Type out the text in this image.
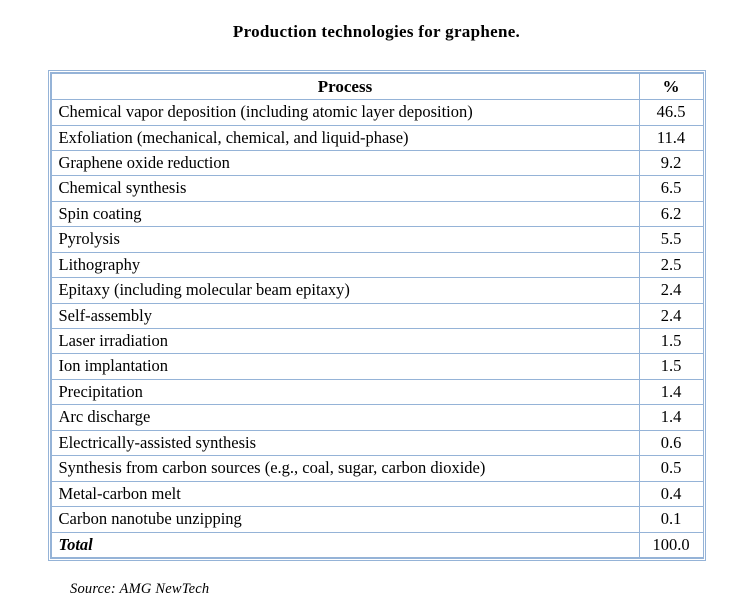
Production technologies for graphene.
Process	%
Chemical vapor deposition (including atomic layer deposition)	46.5
Exfoliation (mechanical, chemical, and liquid-phase)	11.4
Graphene oxide reduction	9.2
Chemical synthesis	6.5
Spin coating	6.2
Pyrolysis	5.5
Lithography	2.5
Epitaxy (including molecular beam epitaxy)	2.4
Self-assembly	2.4
Laser irradiation	1.5
Ion implantation	1.5
Precipitation	1.4
Arc discharge	1.4
Electrically-assisted synthesis	0.6
Synthesis from carbon sources (e.g., coal, sugar, carbon dioxide)	0.5
Metal-carbon melt	0.4
Carbon nanotube unzipping	0.1
Total	100.0
Source: AMG NewTech
